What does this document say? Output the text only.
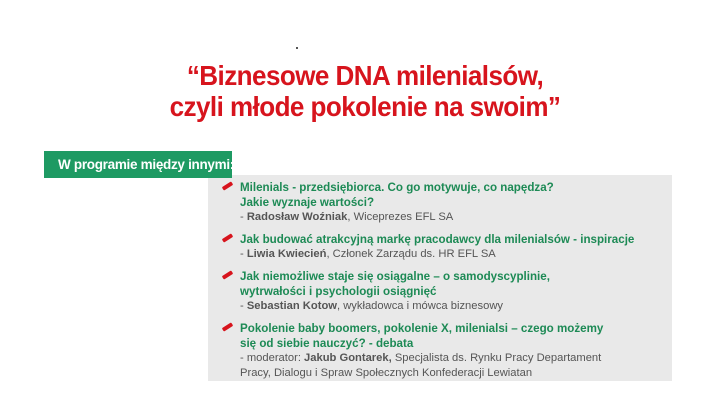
“Biznesowe DNA milenialsów,
czyli młode pokolenie na swoim”
W programie między innymi:
Milenials - przedsiębiorca. Co go motywuje, co napędza?
Jakie wyznaje wartości?
- Radosław Woźniak, Wiceprezes EFL SA
Jak budować atrakcyjną markę pracodawcy dla milenialsów - inspiracje
- Liwia Kwiecień, Członek Zarządu ds. HR EFL SA
Jak niemożliwe staje się osiągalne – o samodyscyplinie,
wytrwałości i psychologii osiągnięć
- Sebastian Kotow, wykładowca i mówca biznesowy
Pokolenie baby boomers, pokolenie X, milenialsi – czego możemy
się od siebie nauczyć? - debata
- moderator: Jakub Gontarek, Specjalista ds. Rynku Pracy Departament
Pracy, Dialogu i Spraw Społecznych Konfederacji Lewiatan
